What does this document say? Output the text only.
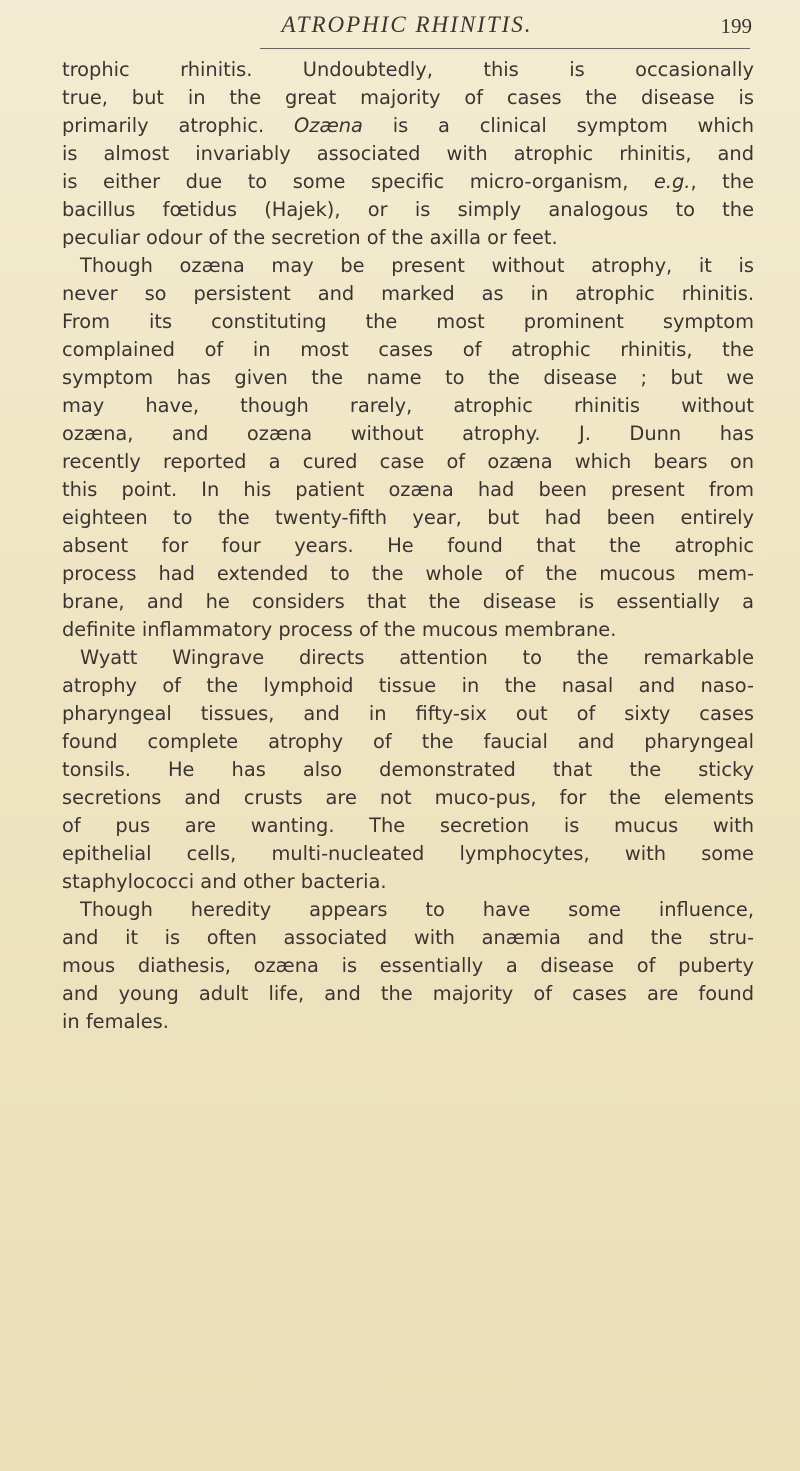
ATROPHIC RHINITIS.	199
trophic rhinitis. Undoubtedly, this is occasionally
true, but in the great majority of cases the disease is
primarily atrophic. Ozæna is a clinical symptom which
is almost invariably associated with atrophic rhinitis, and
is either due to some specific micro-organism, e.g., the
bacillus fœtidus (Hajek), or is simply analogous to the
peculiar odour of the secretion of the axilla or feet.
Though ozæna may be present without atrophy, it is
never so persistent and marked as in atrophic rhinitis.
From its constituting the most prominent symptom
complained of in most cases of atrophic rhinitis, the
symptom has given the name to the disease ; but we
may have, though rarely, atrophic rhinitis without
ozæna, and ozæna without atrophy. J. Dunn has
recently reported a cured case of ozæna which bears on
this point. In his patient ozæna had been present from
eighteen to the twenty-fifth year, but had been entirely
absent for four years. He found that the atrophic
process had extended to the whole of the mucous mem-
brane, and he considers that the disease is essentially a
definite inflammatory process of the mucous membrane.
Wyatt Wingrave directs attention to the remarkable
atrophy of the lymphoid tissue in the nasal and naso-
pharyngeal tissues, and in fifty-six out of sixty cases
found complete atrophy of the faucial and pharyngeal
tonsils. He has also demonstrated that the sticky
secretions and crusts are not muco-pus, for the elements
of pus are wanting. The secretion is mucus with
epithelial cells, multi-nucleated lymphocytes, with some
staphylococci and other bacteria.
Though heredity appears to have some influence,
and it is often associated with anæmia and the stru-
mous diathesis, ozæna is essentially a disease of puberty
and young adult life, and the majority of cases are found
in females.
